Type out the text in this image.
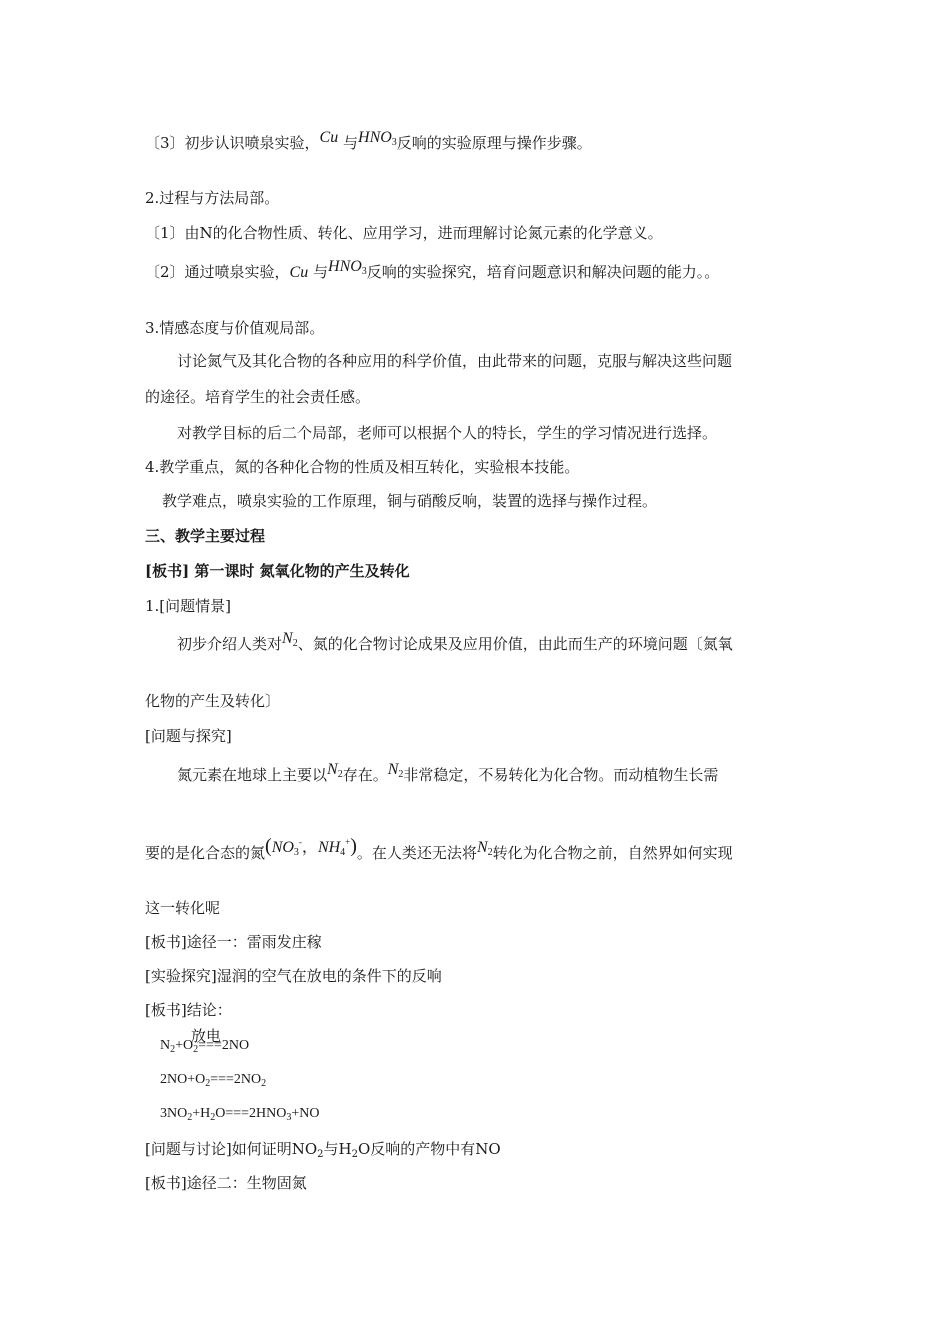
〔3〕初步认识喷泉实验，Cu 与HNO3反响的实验原理与操作步骤。
2.过程与方法局部。
〔1〕由N的化合物性质、转化、应用学习，进而理解讨论氮元素的化学意义。
〔2〕通过喷泉实验，Cu 与HNO3反响的实验探究，培育问题意识和解决问题的能力。。
3.情感态度与价值观局部。
讨论氮气及其化合物的各种应用的科学价值，由此带来的问题，克服与解决这些问题
的途径。培育学生的社会责任感。
对教学目标的后二个局部，老师可以根据个人的特长，学生的学习情况进行选择。
4.教学重点，氮的各种化合物的性质及相互转化，实验根本技能。
教学难点，喷泉实验的工作原理，铜与硝酸反响，装置的选择与操作过程。
三、教学主要过程
[板书] 第一课时 氮氧化物的产生及转化
1.[问题情景]
初步介绍人类对N2、氮的化合物讨论成果及应用价值，由此而生产的环境问题〔氮氧
化物的产生及转化〕
[问题与探究]
氮元素在地球上主要以N2存在。N2非常稳定，不易转化为化合物。而动植物生长需
要的是化合态的氮(NO3-，NH4+)。在人类还无法将N2转化为化合物之前，自然界如何实现
这一转化呢
[板书]途径一：雷雨发庄稼
[实验探究]湿润的空气在放电的条件下的反响
[板书]结论：
放电
$N_2+O_2===2NO$
$2NO+O_2===2NO_2$
$3NO_2+H_2O===2HNO_3+NO$
[问题与讨论]如何证明$NO_2$与$H_2O$反响的产物中有NO
[板书]途径二：生物固氮
